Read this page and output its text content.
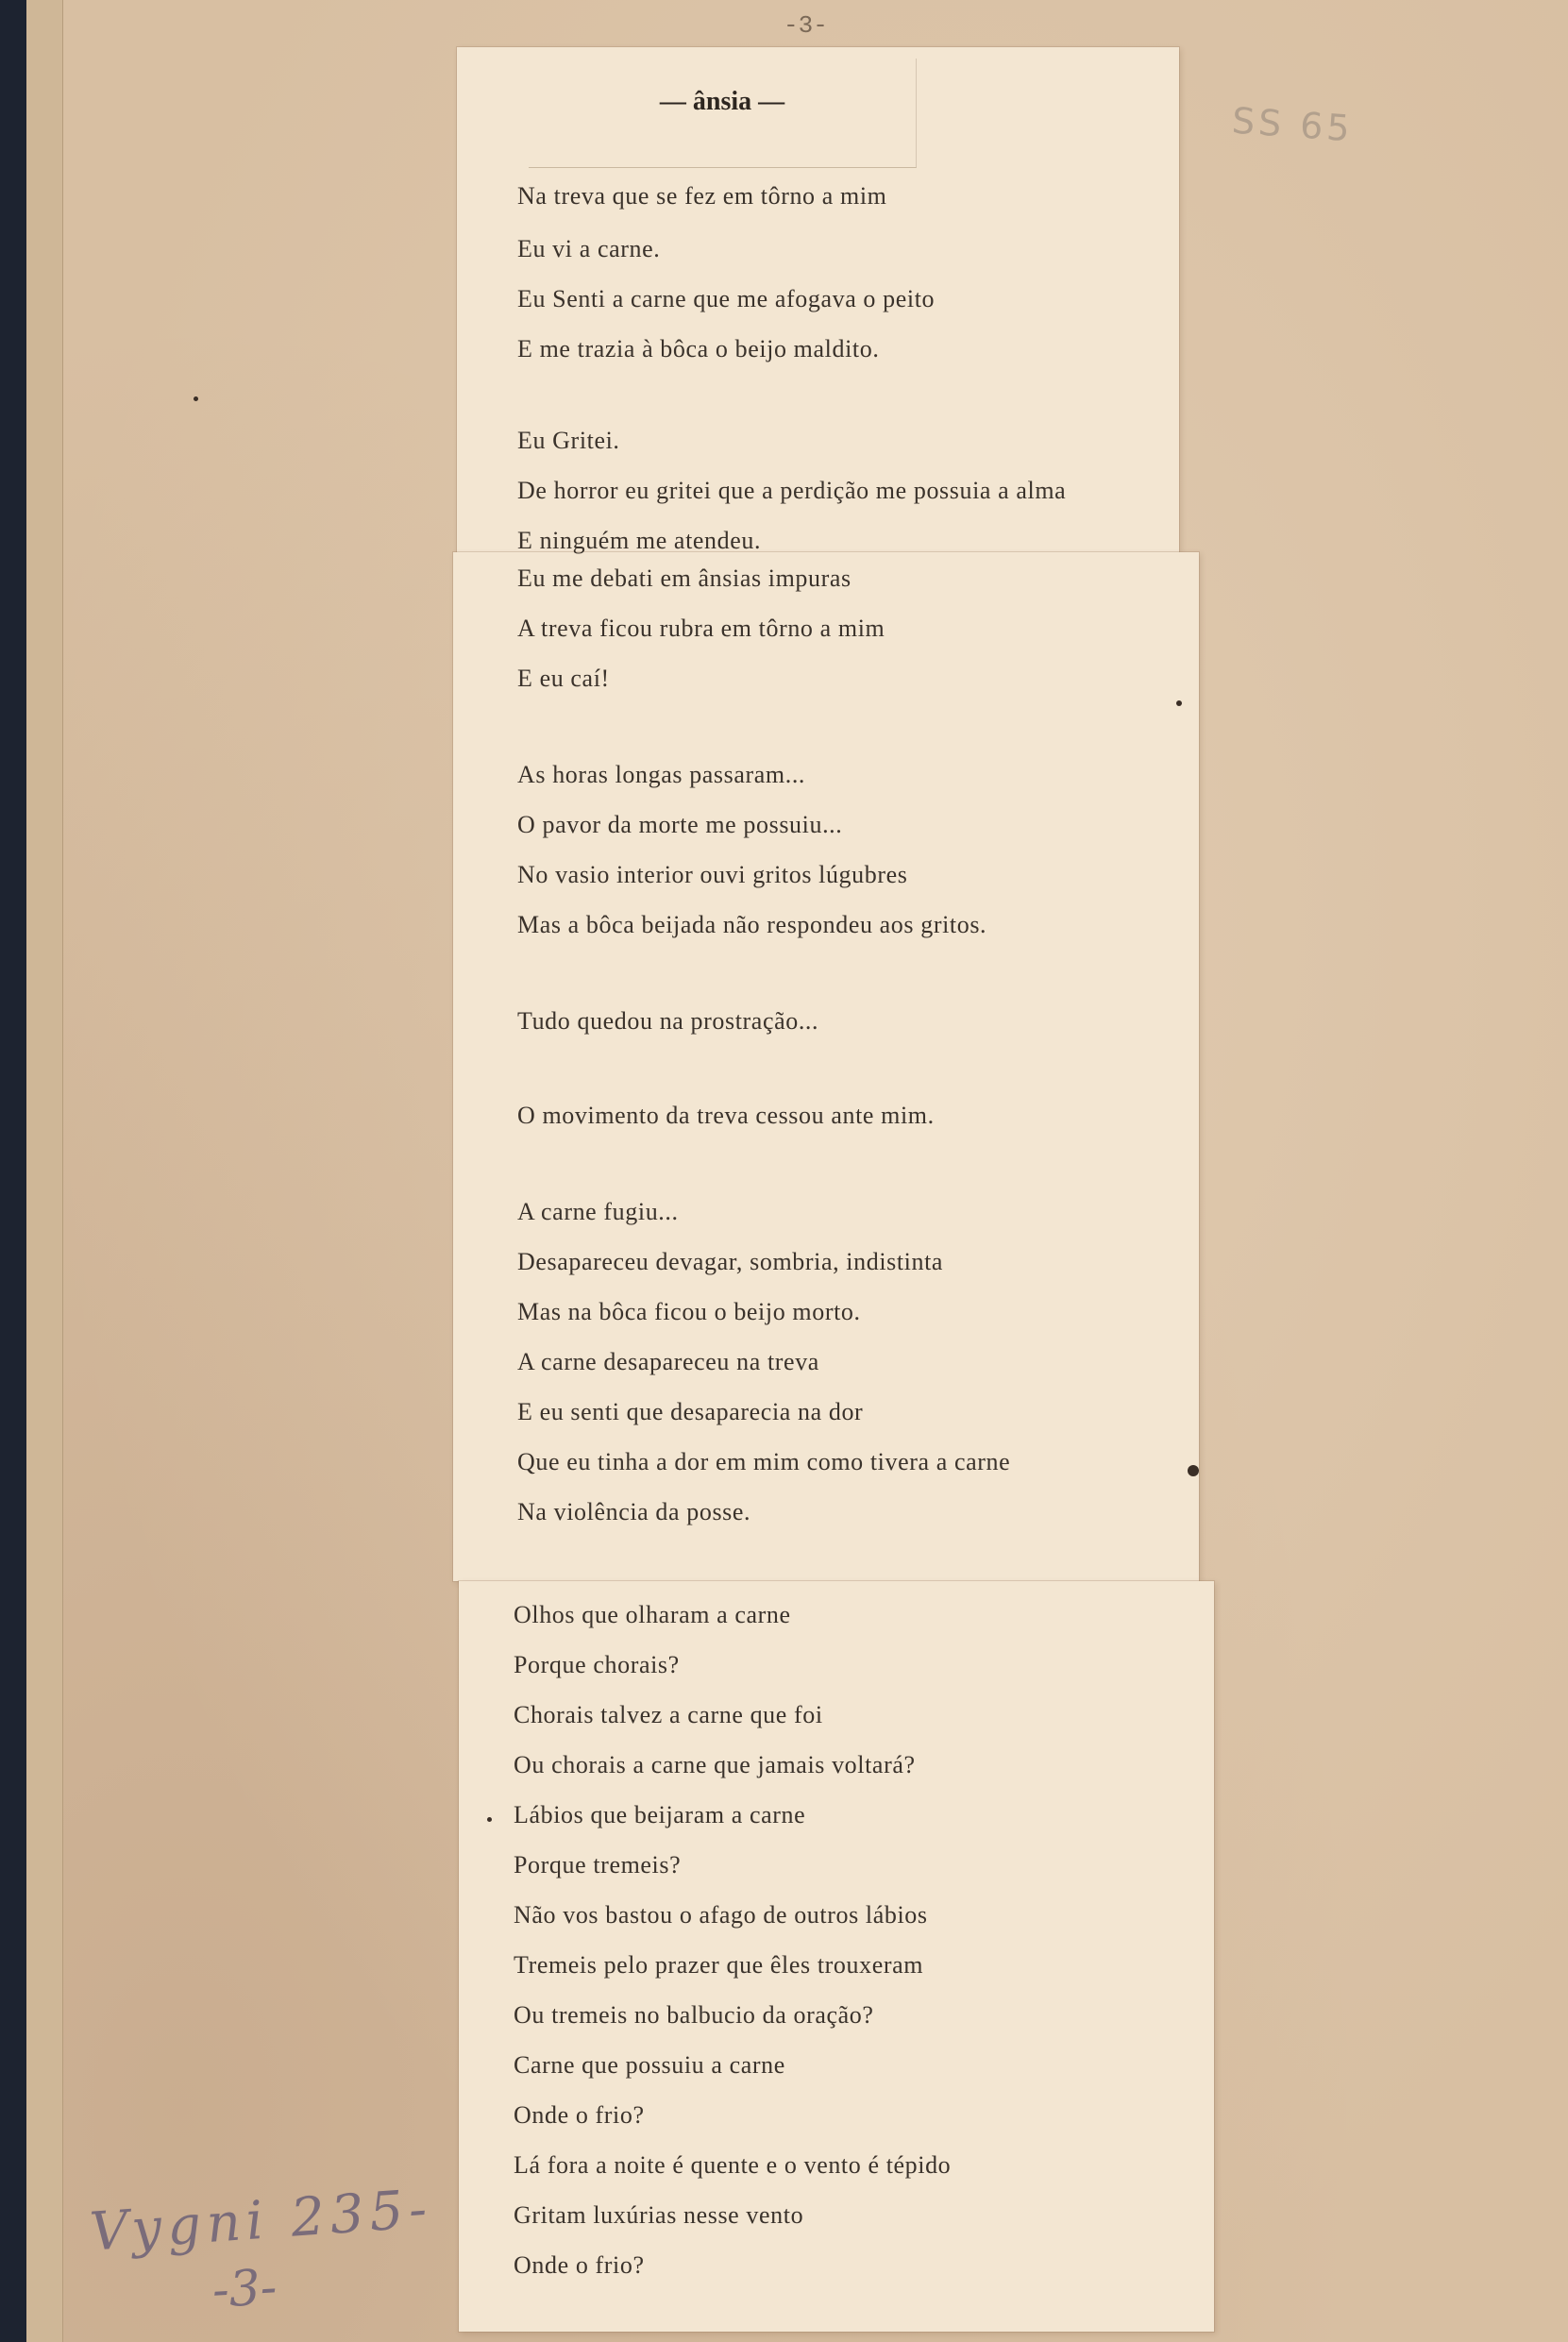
-3-
SS 65
Vygni 235-
-3-
— ânsia —
Na treva que se fez em tôrno a mim
Eu vi a carne.
Eu Senti a carne que me afogava o peito
E me trazia à bôca o beijo maldito.
Eu Gritei.
De horror eu gritei que a perdição me possuia a alma
E ninguém me atendeu.
Eu me debati em ânsias impuras
A treva ficou rubra em tôrno a mim
E eu caí!
As horas longas passaram...
O pavor da morte me possuiu...
No vasio interior ouvi gritos lúgubres
Mas a bôca beijada não respondeu aos gritos.
Tudo quedou na prostração...
O movimento da treva cessou ante mim.
A carne fugiu...
Desapareceu devagar, sombria, indistinta
Mas na bôca ficou o beijo morto.
A carne desapareceu na treva
E eu senti que desaparecia na dor
Que eu tinha a dor em mim como tivera a carne
Na violência da posse.
Olhos que olharam a carne
Porque chorais?
Chorais talvez a carne que foi
Ou chorais a carne que jamais voltará?
Lábios que beijaram a carne
Porque tremeis?
Não vos bastou o afago de outros lábios
Tremeis pelo prazer que êles trouxeram
Ou tremeis no balbucio da oração?
Carne que possuiu a carne
Onde o frio?
Lá fora a noite é quente e o vento é tépido
Gritam luxúrias nesse vento
Onde o frio?
